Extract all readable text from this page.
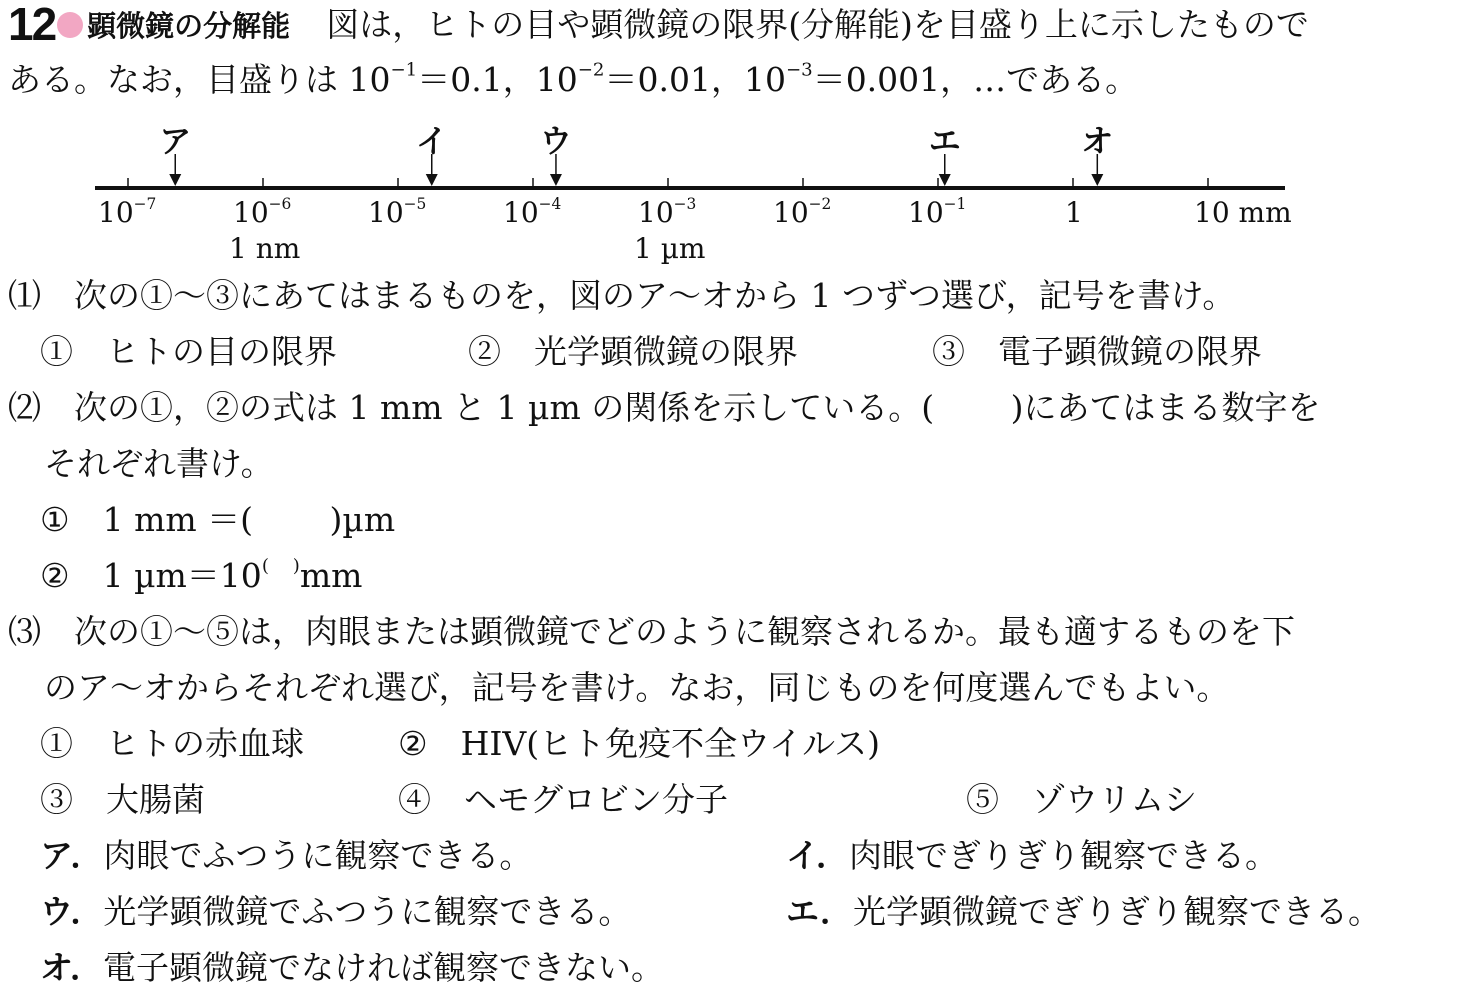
12 顕微鏡の分解能 図は，ヒトの目や顕微鏡の限界(分解能)を目盛り上に示したもので
ある。なお，目盛りは $10^{-1}=0.1$，$10^{-2}=0.01$，$10^{-3}=0.001$，…である。
$10^{-7}$	$10^{-6}$
1 nm
$10^{-5}$	$10^{-4}$	$10^{-3}$
1 µm
$10^{-2}$	$10^{-1}$	1	10 mm
ア	イ	ウ	エ	オ
⑴　次の①〜③にあてはまるものを，図のア〜オから 1 つずつ選び，記号を書け。
①　ヒトの目の限界	②　光学顕微鏡の限界	③　電子顕微鏡の限界
⑵　次の①，②の式は 1 mm と 1 µm の関係を示している。(　　 )にあてはまる数字を
それぞれ書け。
①　1 mm ＝(　　 )µm
②　1 µm＝10(　 )mm
⑶　次の①〜⑤は，肉眼または顕微鏡でどのように観察されるか。最も適するものを下
のア〜オからそれぞれ選び，記号を書け。なお，同じものを何度選んでもよい。
①　ヒトの赤血球	②　HIV(ヒト免疫不全ウイルス)
③　大腸菌	④　ヘモグロビン分子	⑤　ゾウリムシ
ア．肉眼でふつうに観察できる。	イ．肉眼でぎりぎり観察できる。
ウ．光学顕微鏡でふつうに観察できる。	エ．光学顕微鏡でぎりぎり観察できる。
オ．電子顕微鏡でなければ観察できない。
